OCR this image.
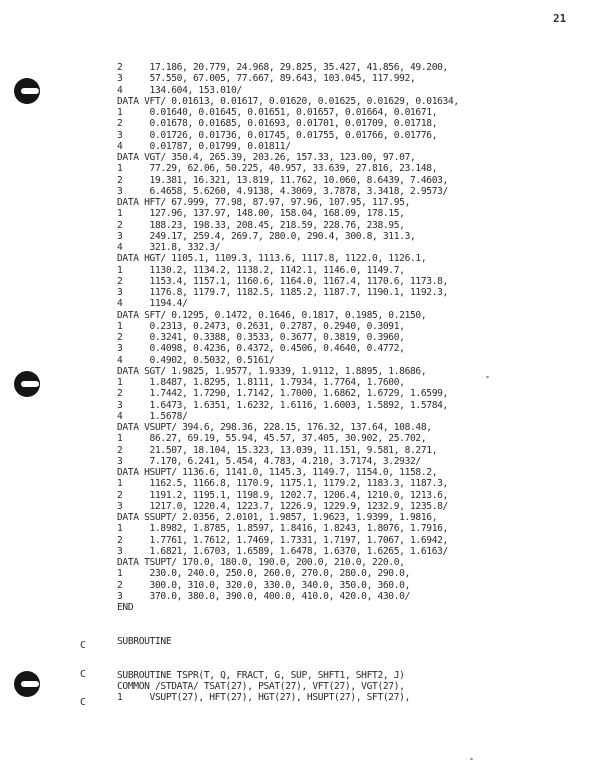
21
2     17.186, 20.779, 24.968, 29.825, 35.427, 41.856, 49.200,
3     57.550, 67.005, 77.667, 89.643, 103.045, 117.992,
4     134.604, 153.010/
DATA VFT/ 0.01613, 0.01617, 0.01620, 0.01625, 0.01629, 0.01634,
1     0.01640, 0.01645, 0.01651, 0.01657, 0.01664, 0.01671,
2     0.01678, 0.01685, 0.01693, 0.01701, 0.01709, 0.01718,
3     0.01726, 0.01736, 0.01745, 0.01755, 0.01766, 0.01776,
4     0.01787, 0.01799, 0.01811/
DATA VGT/ 350.4, 265.39, 203.26, 157.33, 123.00, 97.07,
1     77.29, 62.06, 50.225, 40.957, 33.639, 27.816, 23.148,
2     19.381, 16.321, 13.819, 11.762, 10.060, 8.6439, 7.4603,
3     6.4658, 5.6260, 4.9138, 4.3069, 3.7878, 3.3418, 2.9573/
DATA HFT/ 67.999, 77.98, 87.97, 97.96, 107.95, 117.95,
1     127.96, 137.97, 148.00, 158.04, 168.09, 178.15,
2     188.23, 198.33, 208.45, 218.59, 228.76, 238.95,
3     249.17, 259.4, 269.7, 280.0, 290.4, 300.8, 311.3,
4     321.8, 332.3/
DATA HGT/ 1105.1, 1109.3, 1113.6, 1117.8, 1122.0, 1126.1,
1     1130.2, 1134.2, 1138.2, 1142.1, 1146.0, 1149.7,
2     1153.4, 1157.1, 1160.6, 1164.0, 1167.4, 1170.6, 1173.8,
3     1176.8, 1179.7, 1182.5, 1185.2, 1187.7, 1190.1, 1192.3,
4     1194.4/
DATA SFT/ 0.1295, 0.1472, 0.1646, 0.1817, 0.1985, 0.2150,
1     0.2313, 0.2473, 0.2631, 0.2787, 0.2940, 0.3091,
2     0.3241, 0.3388, 0.3533, 0.3677, 0.3819, 0.3960,
3     0.4098, 0.4236, 0.4372, 0.4506, 0.4640, 0.4772,
4     0.4902, 0.5032, 0.5161/
DATA SGT/ 1.9825, 1.9577, 1.9339, 1.9112, 1.8895, 1.8686,
1     1.8487, 1.8295, 1.8111, 1.7934, 1.7764, 1.7600,
2     1.7442, 1.7290, 1.7142, 1.7000, 1.6862, 1.6729, 1.6599,
3     1.6473, 1.6351, 1.6232, 1.6116, 1.6003, 1.5892, 1.5784,
4     1.5678/
DATA VSUPT/ 394.6, 298.36, 228.15, 176.32, 137.64, 108.48,
1     86.27, 69.19, 55.94, 45.57, 37.405, 30.902, 25.702,
2     21.507, 18.104, 15.323, 13.039, 11.151, 9.581, 8.271,
3     7.170, 6.241, 5.454, 4.783, 4.210, 3.7174, 3.2932/
DATA HSUPT/ 1136.6, 1141.0, 1145.3, 1149.7, 1154.0, 1158.2,
1     1162.5, 1166.8, 1170.9, 1175.1, 1179.2, 1183.3, 1187.3,
2     1191.2, 1195.1, 1198.9, 1202.7, 1206.4, 1210.0, 1213.6,
3     1217.0, 1220.4, 1223.7, 1226.9, 1229.9, 1232.9, 1235.8/
DATA SSUPT/ 2.0356, 2.0101, 1.9857, 1.9623, 1.9399, 1.9816,
1     1.8982, 1.8785, 1.8597, 1.8416, 1.8243, 1.8076, 1.7916,
2     1.7761, 1.7612, 1.7469, 1.7331, 1.7197, 1.7067, 1.6942,
3     1.6821, 1.6703, 1.6589, 1.6478, 1.6370, 1.6265, 1.6163/
DATA TSUPT/ 170.0, 180.0, 190.0, 200.0, 210.0, 220.0,
1     230.0, 240.0, 250.0, 260.0, 270.0, 280.0, 290.0,
2     300.0, 310.0, 320.0, 330.0, 340.0, 350.0, 360.0,
3     370.0, 380.0, 390.0, 400.0, 410.0, 420.0, 430.0/
END
SUBROUTINE
SUBROUTINE TSPR(T, Q, FRACT, G, SUP, SHFT1, SHFT2, J)
COMMON /STDATA/ TSAT(27), PSAT(27), VFT(27), VGT(27),
1     VSUPT(27), HFT(27), HGT(27), HSUPT(27), SFT(27),

C

C

C
